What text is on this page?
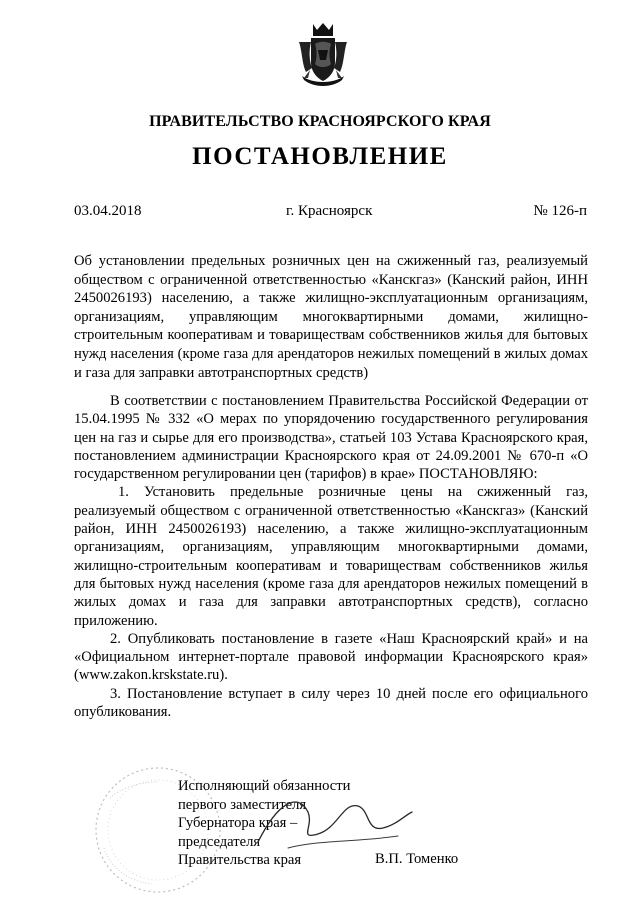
ПРАВИТЕЛЬСТВО КРАСНОЯРСКОГО КРАЯ
ПОСТАНОВЛЕНИЕ
03.04.2018	г. Красноярск	№ 126-п
Об установлении предельных розничных цен на сжиженный газ, реализуемый обществом с ограниченной ответственностью «Канскгаз» (Канский район, ИНН 2450026193) населению, а также жилищно-эксплуатационным организациям, организациям, управляющим многоквартирными домами, жилищно-строительным кооперативам и товариществам собственников жилья для бытовых нужд населения (кроме газа для арендаторов нежилых помещений в жилых домах и газа для заправки автотранспортных средств)

В соответствии с постановлением Правительства Российской Федерации от 15.04.1995 № 332 «О мерах по упорядочению государственного регулирования цен на газ и сырье для его производства», статьей 103 Устава Красноярского края, постановлением администрации Красноярского края от 24.09.2001 № 670-п «О государственном регулировании цен (тарифов) в крае» ПОСТАНОВЛЯЮ:

1. Установить предельные розничные цены на сжиженный газ, реализуемый обществом с ограниченной ответственностью «Канскгаз» (Канский район, ИНН 2450026193) населению, а также жилищно-эксплуатационным организациям, организациям, управляющим многоквартирными домами, жилищно-строительным кооперативам и товариществам собственников жилья для бытовых нужд населения (кроме газа для арендаторов нежилых помещений в жилых домах и газа для заправки автотранспортных средств), согласно приложению.

2. Опубликовать постановление в газете «Наш Красноярский край» и на «Официальном интернет-портале правовой информации Красноярского края» (www.zakon.krskstate.ru).

3. Постановление вступает в силу через 10 дней после его официального опубликования.

Исполняющий обязанности
первого заместителя
Губернатора края –
председателя
Правительства края	В.П. Томенко
